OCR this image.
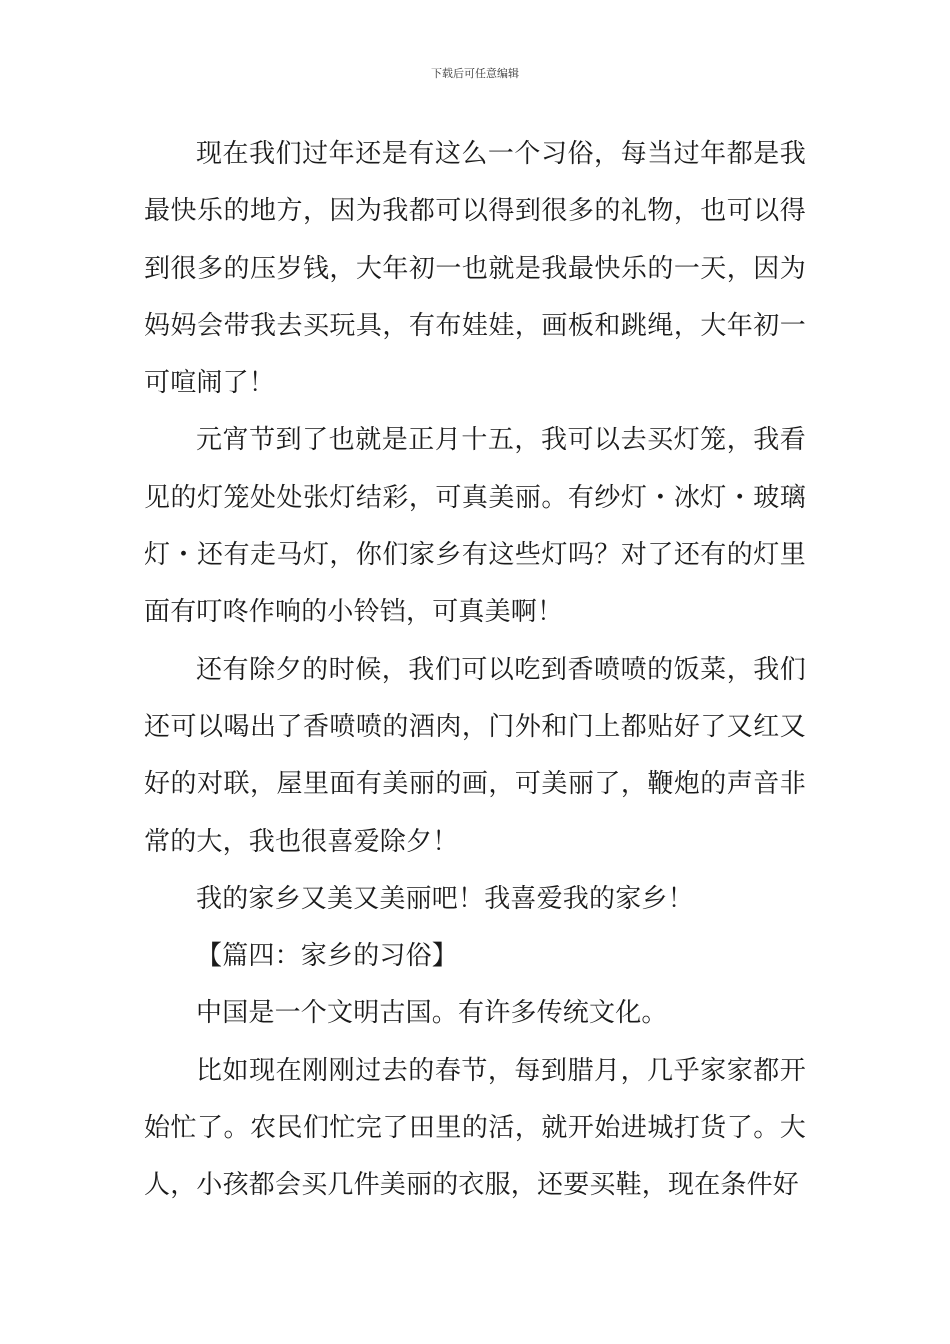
下载后可任意编辑

现在我们过年还是有这么一个习俗，每当过年都是我最快乐的地方，因为我都可以得到很多的礼物，也可以得到很多的压岁钱，大年初一也就是我最快乐的一天，因为妈妈会带我去买玩具，有布娃娃，画板和跳绳，大年初一可喧闹了！

元宵节到了也就是正月十五，我可以去买灯笼，我看见的灯笼处处张灯结彩，可真美丽。有纱灯・冰灯・玻璃灯・还有走马灯，你们家乡有这些灯吗？对了还有的灯里面有叮咚作响的小铃铛，可真美啊！

还有除夕的时候，我们可以吃到香喷喷的饭菜，我们还可以喝出了香喷喷的酒肉，门外和门上都贴好了又红又好的对联，屋里面有美丽的画，可美丽了，鞭炮的声音非常的大，我也很喜爱除夕！

我的家乡又美又美丽吧！我喜爱我的家乡！

【篇四：家乡的习俗】

中国是一个文明古国。有许多传统文化。

比如现在刚刚过去的春节，每到腊月，几乎家家都开始忙了。农民们忙完了田里的活，就开始进城打货了。大人，小孩都会买几件美丽的衣服，还要买鞋，现在条件好
